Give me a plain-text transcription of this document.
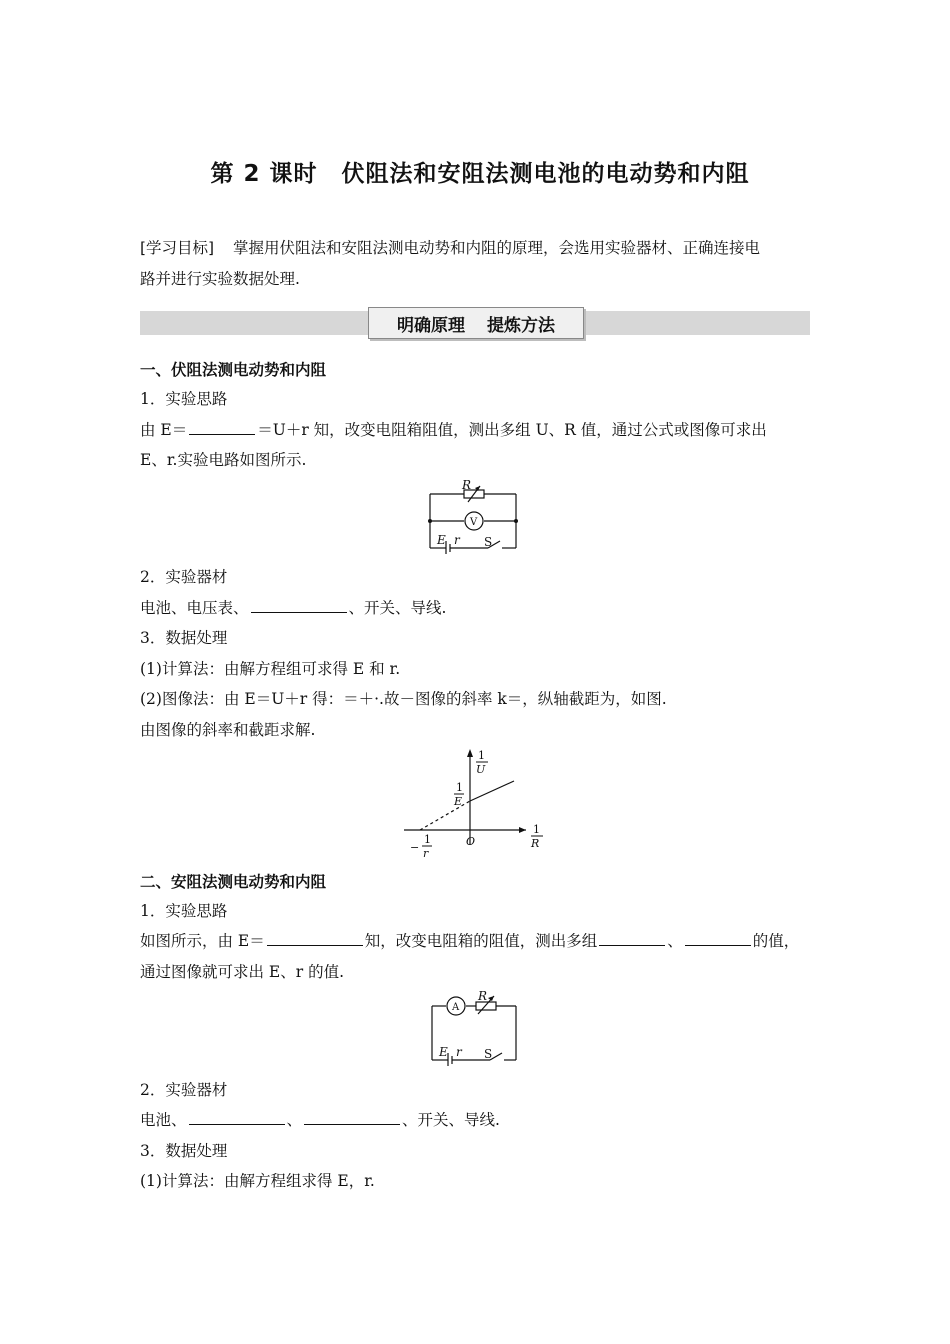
第 2 课时　伏阻法和安阻法测电池的电动势和内阻
[学习目标] 掌握用伏阻法和安阻法测电动势和内阻的原理，会选用实验器材、正确连接电
路并进行实验数据处理.
明确原理 提炼方法
一、伏阻法测电动势和内阻
1．实验思路
由 E＝	＝U＋r 知，改变电阻箱阻值，测出多组 U、R 值，通过公式或图像可求出
E、r.实验电路如图所示.
R
V
E r S
2．实验器材
电池、电压表、	、开关、导线.
3．数据处理
(1)计算法：由解方程组可求得 E 和 r.
(2)图像法：由 E＝U＋r 得：＝＋·.故－图像的斜率 k＝，纵轴截距为，如图.
由图像的斜率和截距求解.
1
U
1
E
1
R
O
−
1
r
二、安阻法测电动势和内阻
1．实验思路
如图所示，由 E＝	知，改变电阻箱的阻值，测出多组	、	的值，
通过图像就可求出 E、r 的值.
A
R
E r S
2．实验器材
电池、	、	、开关、导线.
3．数据处理
(1)计算法：由解方程组求得 E，r.
